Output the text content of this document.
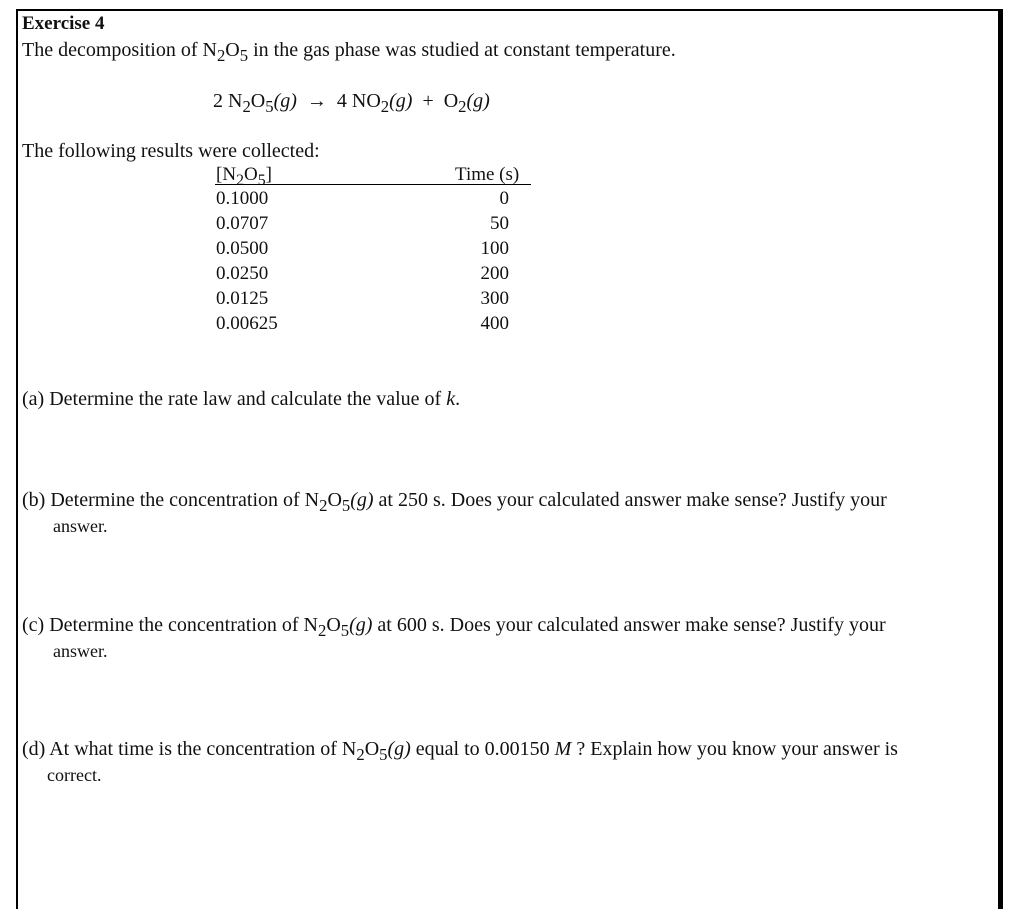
Exercise 4
The decomposition of $N_2O_5$ in the gas phase was studied at constant temperature.
2 $N_2O_5(g) \to 4$ $NO_2(g) + O_2(g)$
The following results were collected:
$[N_2O_5]$	Time (s)
0.1000	0
0.0707	50
0.0500	100
0.0250	200
0.0125	300
0.00625	400
(a) Determine the rate law and calculate the value of k.
(b) Determine the concentration of $N_2O_5(g)$ at 250 s. Does your calculated answer make sense? Justify your
answer.
(c) Determine the concentration of $N_2O_5(g)$ at 600 s. Does your calculated answer make sense? Justify your
answer.
(d) At what time is the concentration of $N_2O_5(g)$ equal to 0.00150 M ? Explain how you know your answer is
correct.
